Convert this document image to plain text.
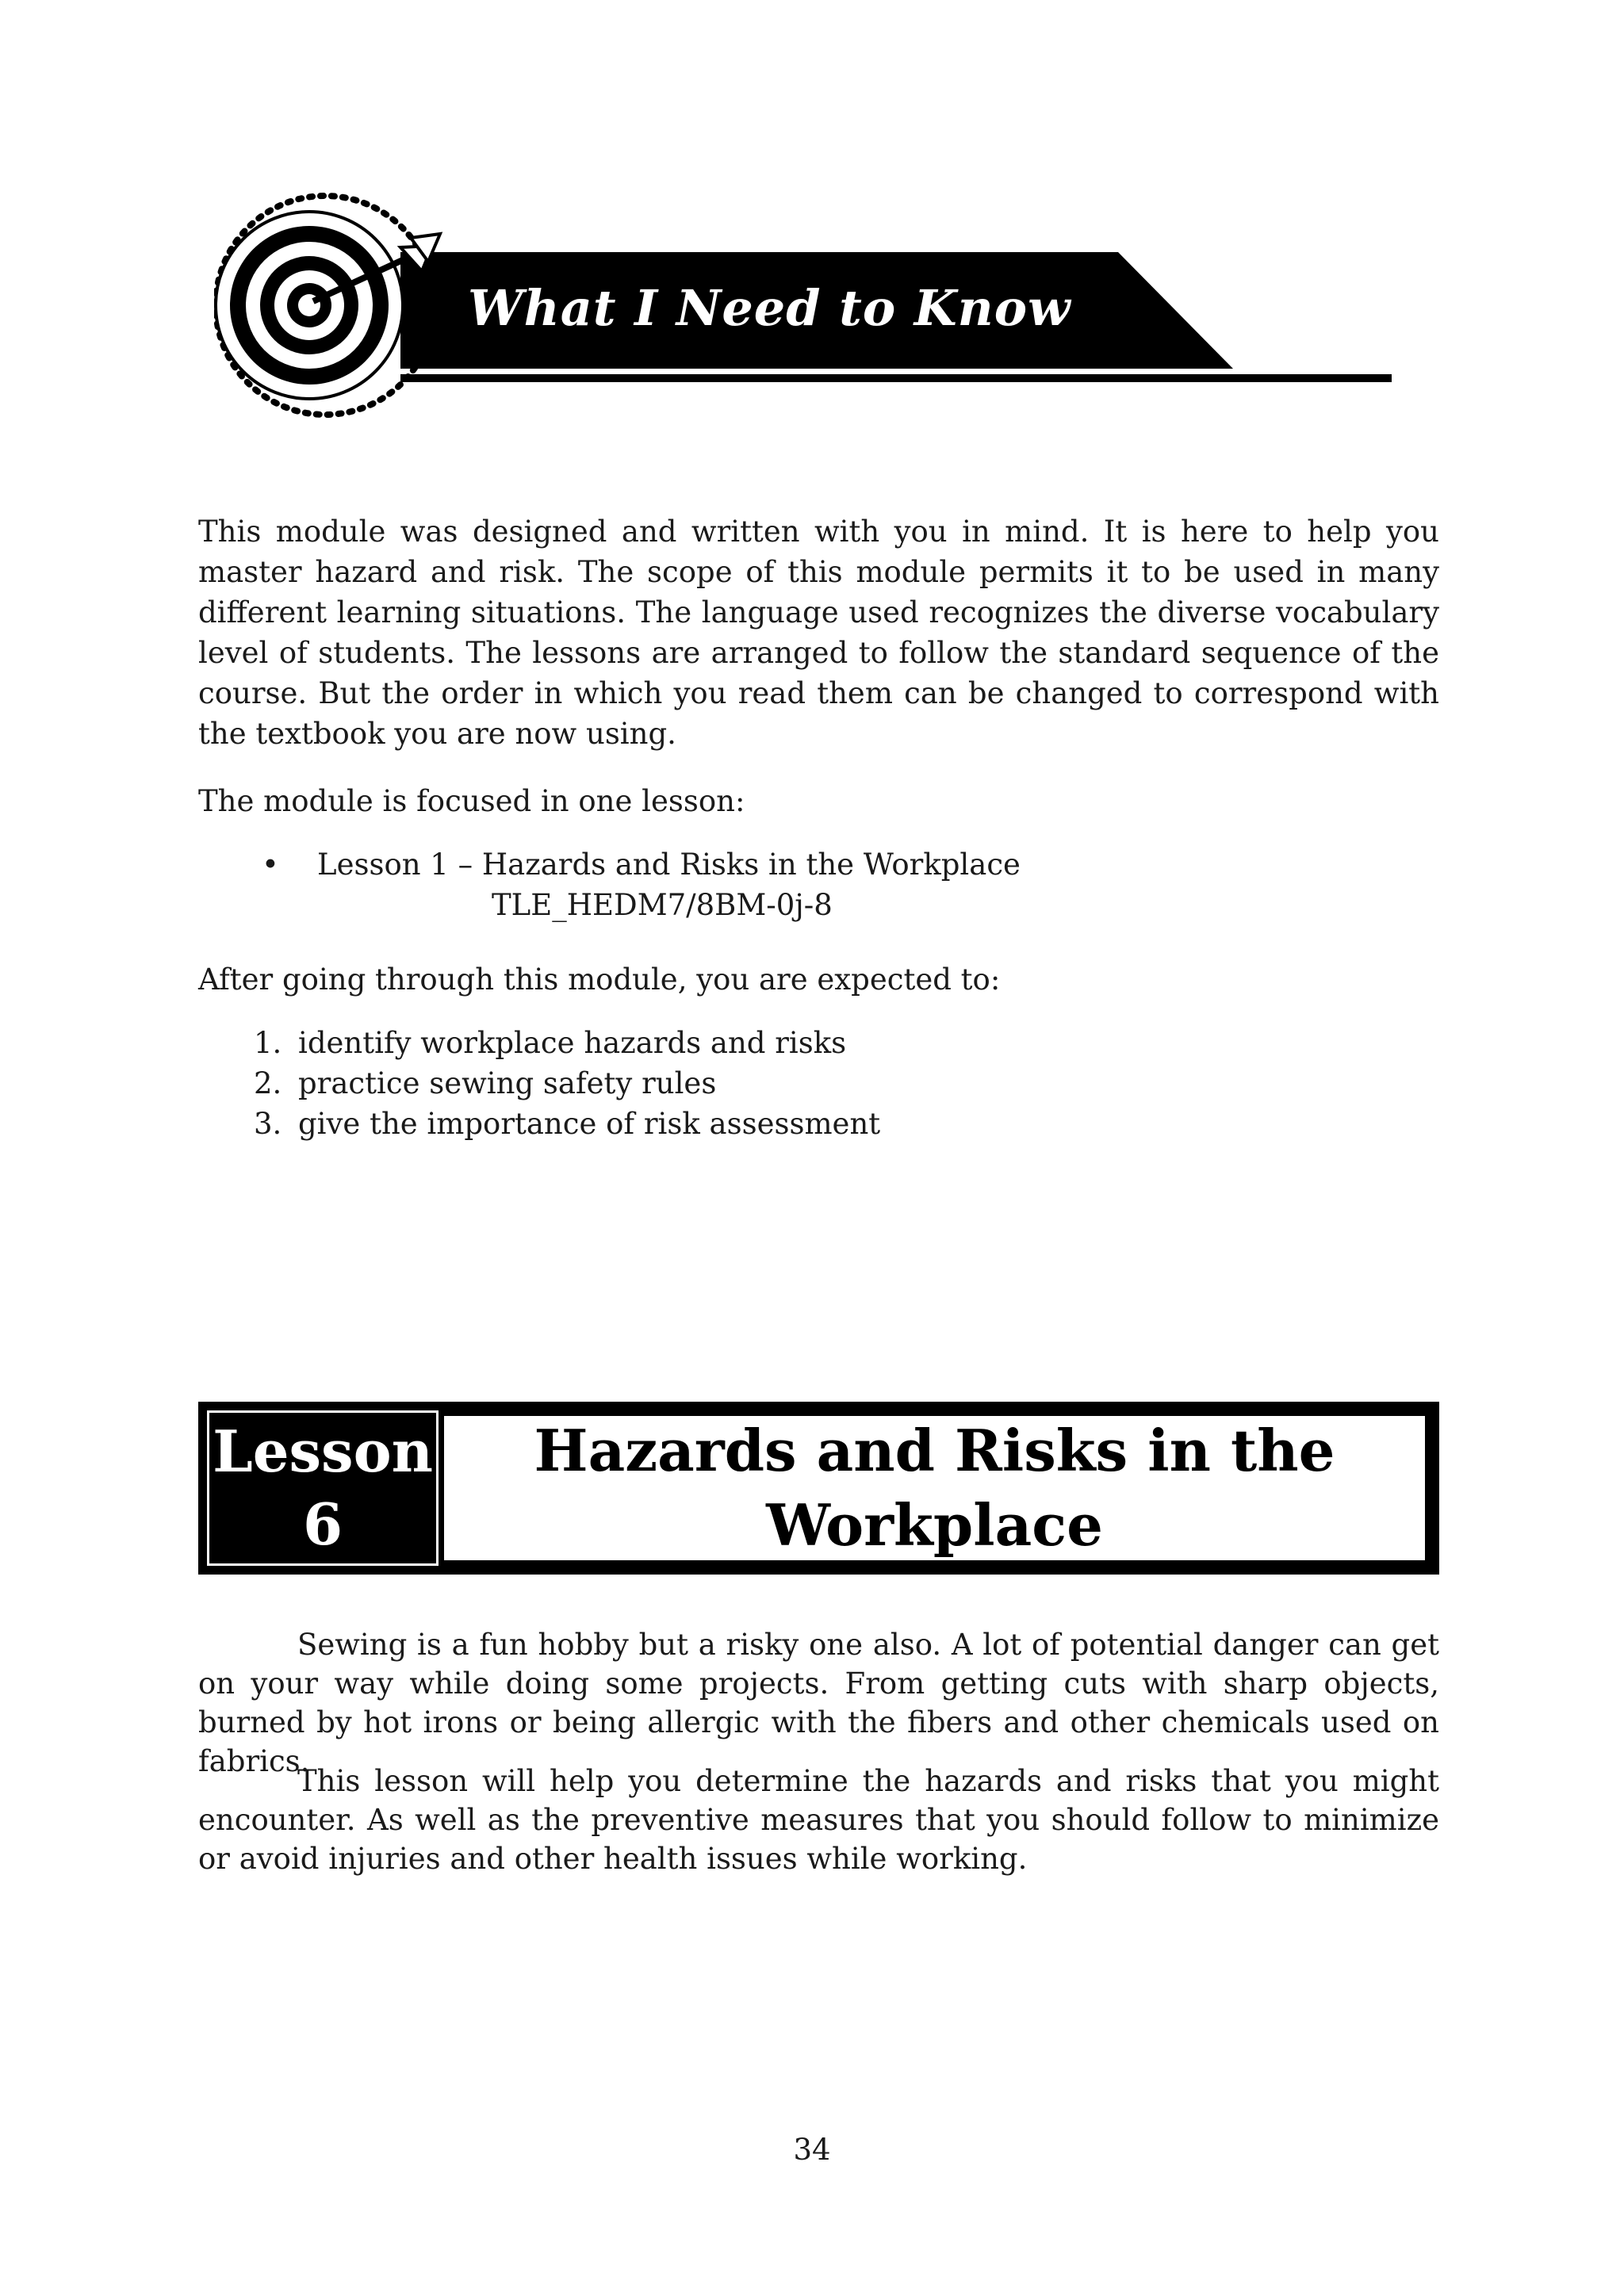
What I Need to Know

This module was designed and written with you in mind. It is here to help you master hazard and risk. The scope of this module permits it to be used in many different learning situations. The language used recognizes the diverse vocabulary level of students. The lessons are arranged to follow the standard sequence of the course. But the order in which you read them can be changed to correspond with the textbook you are now using.

The module is focused in one lesson:

•	Lesson 1 – Hazards and Risks in the Workplace
TLE_HEDM7/8BM-0j-8

After going through this module, you are expected to:

1. identify workplace hazards and risks
2. practice sewing safety rules
3. give the importance of risk assessment
Lesson
6
Hazards and Risks in the
Workplace

Sewing is a fun hobby but a risky one also. A lot of potential danger can get on your way while doing some projects. From getting cuts with sharp objects, burned by hot irons or being allergic with the fibers and other chemicals used on fabrics.

This lesson will help you determine the hazards and risks that you might encounter. As well as the preventive measures that you should follow to minimize or avoid injuries and other health issues while working.

34
